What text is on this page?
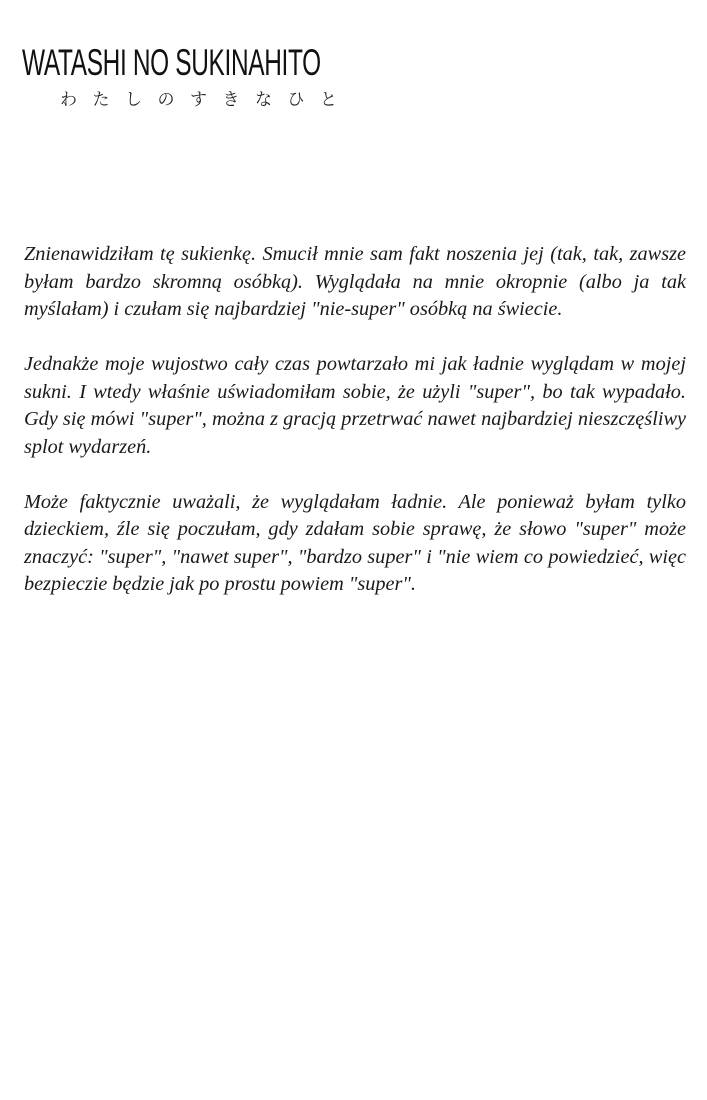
WATASHI NO SUKINAHITO
わたしのすきなひと

Znienawidziłam tę sukienkę. Smucił mnie sam fakt noszenia jej (tak, tak, zawsze byłam bardzo skromną osóbką). Wyglądała na mnie okropnie (albo ja tak myślałam) i czułam się najbardziej "nie-super" osóbką na świecie.

Jednakże moje wujostwo cały czas powtarzało mi jak ładnie wyglądam w mojej sukni. I wtedy właśnie uświadomiłam sobie, że użyli "super", bo tak wypadało. Gdy się mówi "super", można z gracją przetrwać nawet najbardziej nieszczęśliwy splot wydarzeń.

Może faktycznie uważali, że wyglądałam ładnie. Ale ponieważ byłam tylko dzieckiem, źle się poczułam, gdy zdałam sobie sprawę, że słowo "super" może znaczyć: "super", "nawet super", "bardzo super" i "nie wiem co powiedzieć, więc bezpieczie będzie jak po prostu powiem "super".
